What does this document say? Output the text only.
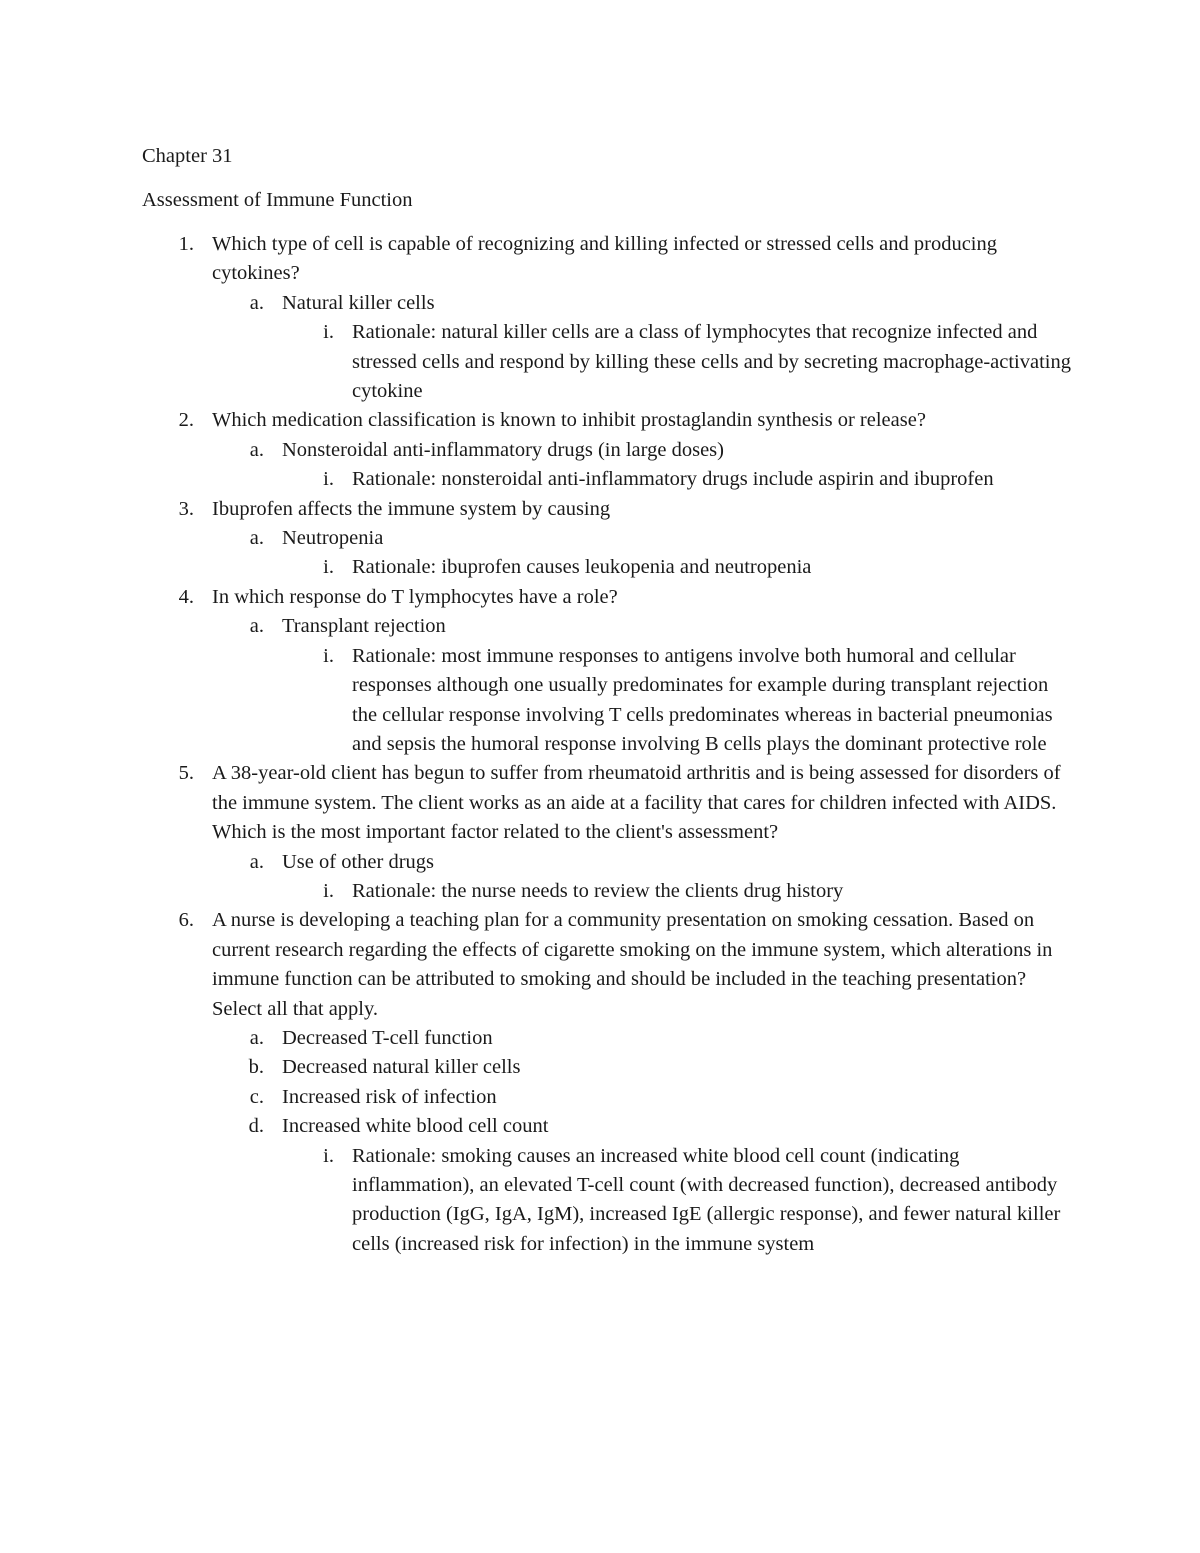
Chapter 31
Assessment of Immune Function
1. Which type of cell is capable of recognizing and killing infected or stressed cells and producing cytokines?
a. Natural killer cells
i. Rationale: natural killer cells are a class of lymphocytes that recognize infected and stressed cells and respond by killing these cells and by secreting macrophage-activating cytokine
2. Which medication classification is known to inhibit prostaglandin synthesis or release?
a. Nonsteroidal anti-inflammatory drugs (in large doses)
i. Rationale: nonsteroidal anti-inflammatory drugs include aspirin and ibuprofen
3. Ibuprofen affects the immune system by causing
a. Neutropenia
i. Rationale: ibuprofen causes leukopenia and neutropenia
4. In which response do T lymphocytes have a role?
a. Transplant rejection
i. Rationale: most immune responses to antigens involve both humoral and cellular responses although one usually predominates for example during transplant rejection the cellular response involving T cells predominates whereas in bacterial pneumonias and sepsis the humoral response involving B cells plays the dominant protective role
5. A 38-year-old client has begun to suffer from rheumatoid arthritis and is being assessed for disorders of the immune system. The client works as an aide at a facility that cares for children infected with AIDS. Which is the most important factor related to the client's assessment?
a. Use of other drugs
i. Rationale: the nurse needs to review the clients drug history
6. A nurse is developing a teaching plan for a community presentation on smoking cessation. Based on current research regarding the effects of cigarette smoking on the immune system, which alterations in immune function can be attributed to smoking and should be included in the teaching presentation? Select all that apply.
a. Decreased T-cell function
b. Decreased natural killer cells
c. Increased risk of infection
d. Increased white blood cell count
i. Rationale: smoking causes an increased white blood cell count (indicating inflammation), an elevated T-cell count (with decreased function), decreased antibody production (IgG, IgA, IgM), increased IgE (allergic response), and fewer natural killer cells (increased risk for infection) in the immune system
